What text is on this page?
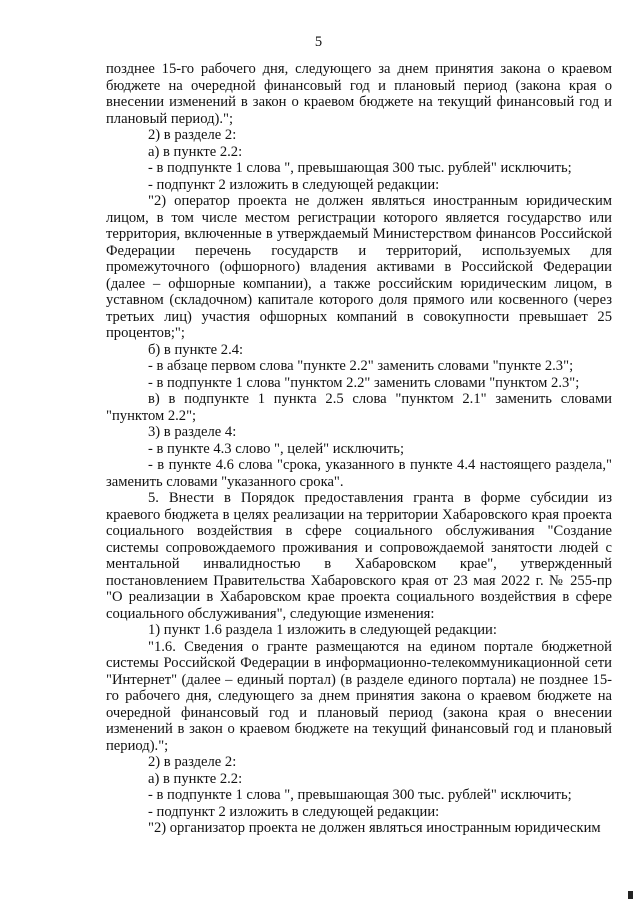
5

позднее 15-го рабочего дня, следующего за днем принятия закона о краевом бюджете на очередной финансовый год и плановый период (закона края о внесении изменений в закон о краевом бюджете на текущий финансовый год и плановый период).";

2) в разделе 2:

а) в пункте 2.2:

- в подпункте 1 слова ", превышающая 300 тыс. рублей" исключить;

- подпункт 2 изложить в следующей редакции:

"2) оператор проекта не должен являться иностранным юридическим лицом, в том числе местом регистрации которого является государство или территория, включенные в утверждаемый Министерством финансов Российской Федерации перечень государств и территорий, используемых для промежуточного (офшорного) владения активами в Российской Федерации (далее – офшорные компании), а также российским юридическим лицом, в уставном (складочном) капитале которого доля прямого или косвенного (через третьих лиц) участия офшорных компаний в совокупности превышает 25 процентов;";

б) в пункте 2.4:

- в абзаце первом слова "пункте 2.2" заменить словами "пункте 2.3";

- в подпункте 1 слова "пунктом 2.2" заменить словами "пунктом 2.3";

в) в подпункте 1 пункта 2.5 слова "пунктом 2.1" заменить словами "пунктом 2.2";

3) в разделе 4:

- в пункте 4.3 слово ", целей" исключить;

- в пункте 4.6 слова "срока, указанного в пункте 4.4 настоящего раздела," заменить словами "указанного срока".

5. Внести в Порядок предоставления гранта в форме субсидии из краевого бюджета в целях реализации на территории Хабаровского края проекта социального воздействия в сфере социального обслуживания "Создание системы сопровождаемого проживания и сопровождаемой занятости людей с ментальной инвалидностью в Хабаровском крае", утвержденный постановлением Правительства Хабаровского края от 23 мая 2022 г. № 255-пр "О реализации в Хабаровском крае проекта социального воздействия в сфере социального обслуживания", следующие изменения:

1) пункт 1.6 раздела 1 изложить в следующей редакции:

"1.6. Сведения о гранте размещаются на едином портале бюджетной системы Российской Федерации в информационно-телекоммуникационной сети "Интернет" (далее – единый портал) (в разделе единого портала) не позднее 15-го рабочего дня, следующего за днем принятия закона о краевом бюджете на очередной финансовый год и плановый период (закона края о внесении изменений в закон о краевом бюджете на текущий финансовый год и плановый период).";

2) в разделе 2:

а) в пункте 2.2:

- в подпункте 1 слова ", превышающая 300 тыс. рублей" исключить;

- подпункт 2 изложить в следующей редакции:

"2) организатор проекта не должен являться иностранным юридическим
